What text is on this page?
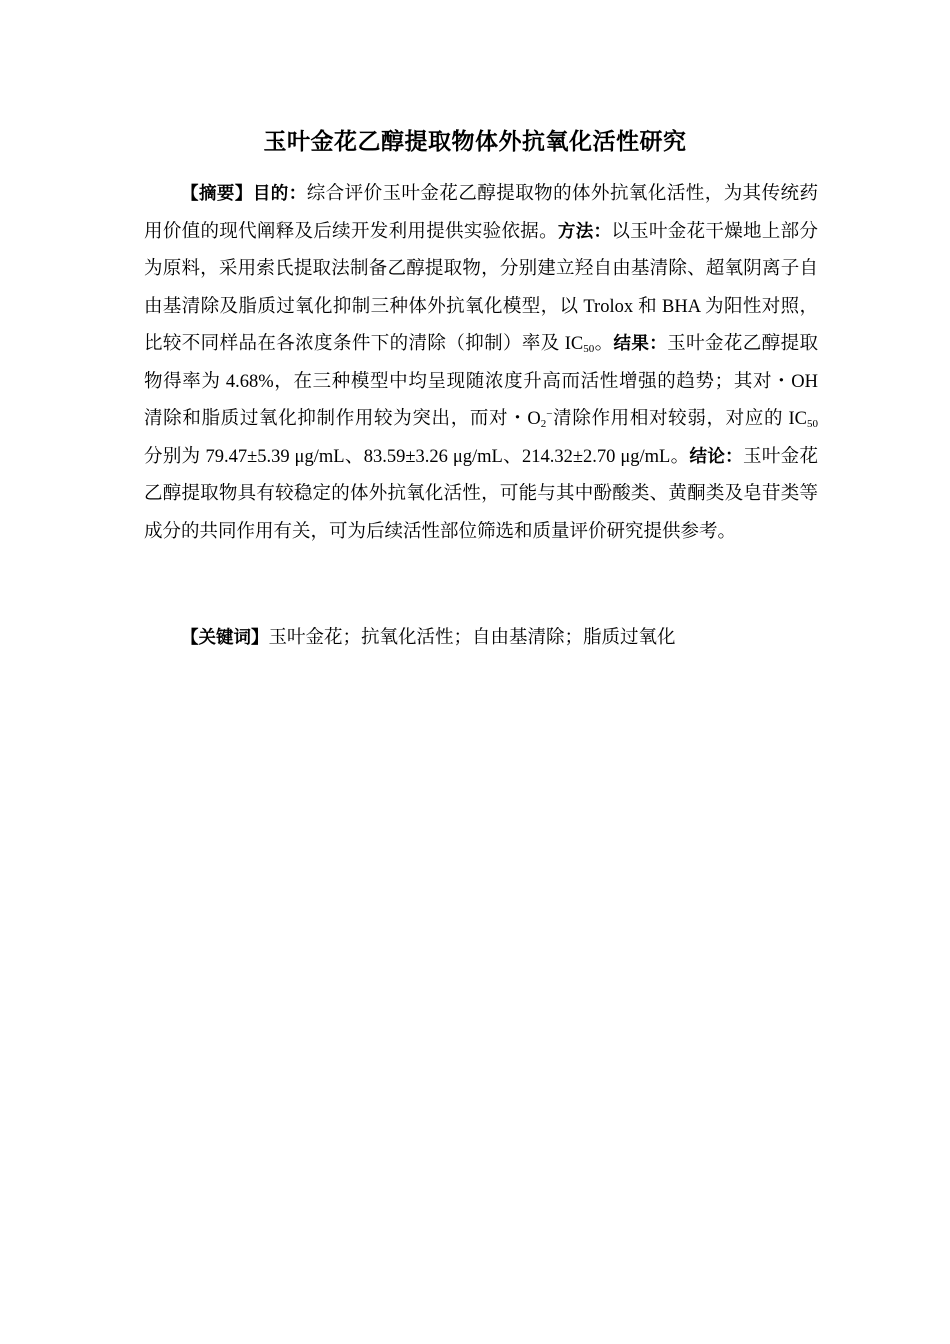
玉叶金花乙醇提取物体外抗氧化活性研究

【摘要】目的：综合评价玉叶金花乙醇提取物的体外抗氧化活性，为其传统药用价值的现代阐释及后续开发利用提供实验依据。方法：以玉叶金花干燥地上部分为原料，采用索氏提取法制备乙醇提取物，分别建立羟自由基清除、超氧阴离子自由基清除及脂质过氧化抑制三种体外抗氧化模型，以 Trolox 和 BHA 为阳性对照，比较不同样品在各浓度条件下的清除（抑制）率及 $IC_{50}$。结果：玉叶金花乙醇提取物得率为 4.68%，在三种模型中均呈现随浓度升高而活性增强的趋势；其对・OH 清除和脂质过氧化抑制作用较为突出，而对・$O_2^-$清除作用相对较弱，对应的 $IC_{50}$ 分别为 79.47±5.39 μg/mL、83.59±3.26 μg/mL、214.32±2.70 μg/mL。结论：玉叶金花乙醇提取物具有较稳定的体外抗氧化活性，可能与其中酚酸类、黄酮类及皂苷类等成分的共同作用有关，可为后续活性部位筛选和质量评价研究提供参考。

【关键词】玉叶金花；抗氧化活性；自由基清除；脂质过氧化
